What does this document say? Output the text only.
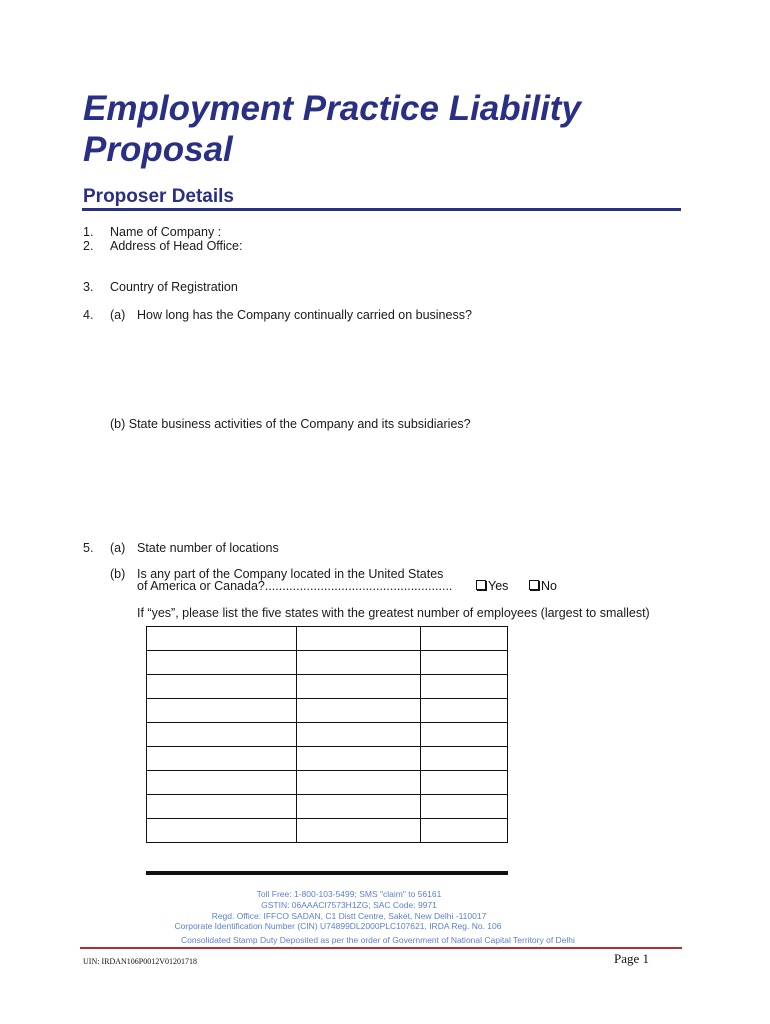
Employment Practice Liability Proposal
Proposer Details
1. Name of Company :
2. Address of Head Office:
3. Country of Registration
4. (a) How long has the Company continually carried on business?
(b) State business activities of the Company and its subsidiaries?
5. (a) State number of locations
(b) Is any part of the Company located in the United States
of America or Canada?......................................................	Yes	No
If “yes”, please list the five states with the greatest number of employees (largest to smallest)

Toll Free: 1-800-103-5499; SMS "claim" to 56161
GSTIN: 06AAACI7573H1ZG; SAC Code: 9971
Regd. Office: IFFCO SADAN, C1 Distt Centre, Saket, New Delhi -110017
Corporate Identification Number (CIN) U74899DL2000PLC107621, IRDA Reg. No. 106
Consolidated Stamp Duty Deposited as per the order of Government of National Capital Territory of Delhi
UIN: IRDAN106P0012V01201718	Page 1
